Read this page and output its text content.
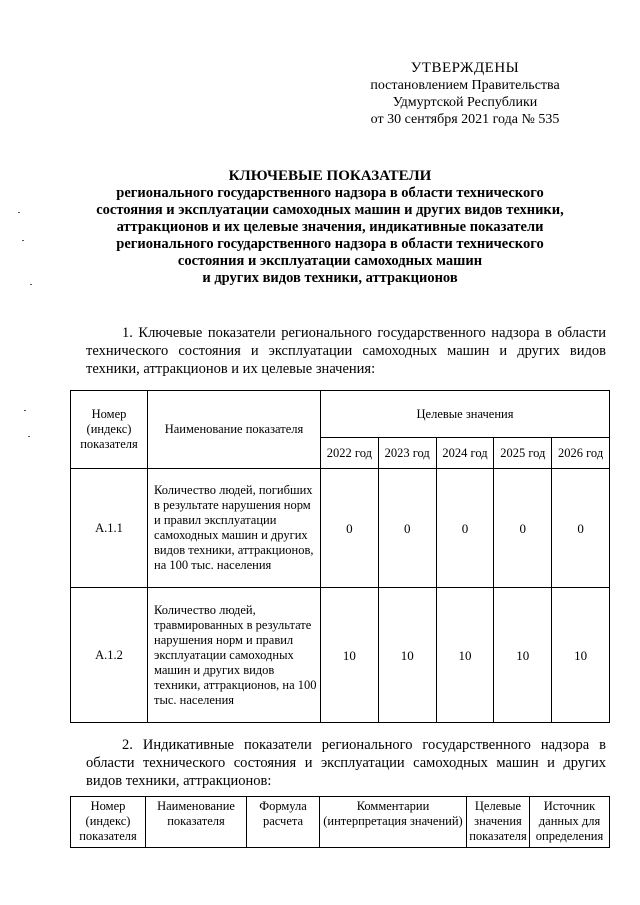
УТВЕРЖДЕНЫ
постановлением Правительства
Удмуртской Республики
от 30 сентября 2021 года № 535
КЛЮЧЕВЫЕ ПОКАЗАТЕЛИ
регионального государственного надзора в области технического
состояния и эксплуатации самоходных машин и других видов техники,
аттракционов и их целевые значения, индикативные показатели
регионального государственного надзора в области технического
состояния и эксплуатации самоходных машин
и других видов техники, аттракционов
1. Ключевые показатели регионального государственного надзора в области технического состояния и эксплуатации самоходных машин и других видов техники, аттракционов и их целевые значения:
Номер (индекс) показателя	Наименование показателя	Целевые значения				
		2022 год	2023 год	2024 год	2025 год	2026 год
А.1.1	Количество людей, погибших в результате нарушения норм и правил эксплуатации самоходных машин и других видов техники, аттракционов, на 100 тыс. населения	0	0	0	0	0
А.1.2	Количество людей, травмированных в результате нарушения норм и правил эксплуатации самоходных машин и других видов техники, аттракционов, на 100 тыс. населения	10	10	10	10	10
2. Индикативные показатели регионального государственного надзора в области технического состояния и эксплуатации самоходных машин и других видов техники, аттракционов:
Номер (индекс) показателя	Наименование показателя	Формула расчета	Комментарии (интерпретация значений)	Целевые значения показателя	Источник данных для определения
